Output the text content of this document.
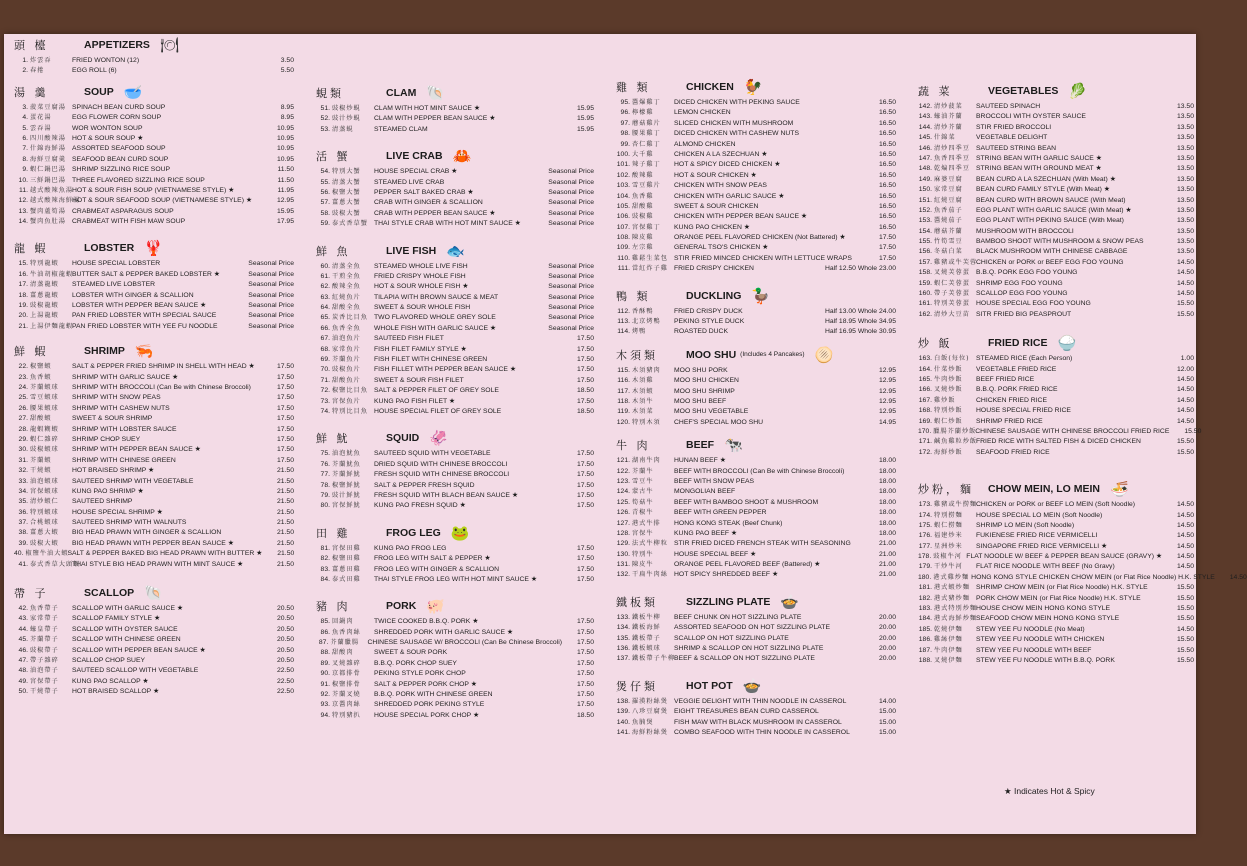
頭 檯	APPETIZERS 🍽
1. 炸雲吞	FRIED WONTON (12)	3.50
2. 春捲	EGG ROLL (6)	5.50
湯 羹	SOUP 🥣
3. 菠菜豆腐湯 SPINACH BEAN CURD SOUP	8.95
4. 蛋花湯	EGG FLOWER CORN SOUP	8.95
5. 雲吞湯	WOR WONTON SOUP	10.95
6. 四川酸辣湯 HOT & SOUR SOUP ★	10.95
7. 什錦海鮮湯 ASSORTED SEAFOOD SOUP	10.95
8. 海鮮豆腐羹 SEAFOOD BEAN CURD SOUP	10.95
9. 蝦仁鍋巴湯 SHRIMP SIZZLING RICE SOUP	11.50
10. 三鮮鍋巴湯 THREE FLAVORED SIZZLING RICE SOUP	11.50
11. 越式酸辣魚湯
HOT & SOUR FISH SOUP (VIETNAMESE STYLE) ★	11.95
12. 越式酸辣海鮮湯
HOT & SOUR SEAFOOD SOUP (VIETNAMESE STYLE) ★	12.95
13. 蟹肉蘆筍湯 CRABMEAT ASPARAGUS SOUP	15.95
14. 蟹肉魚肚湯 CRABMEAT WITH FISH MAW SOUP	17.95
龍 蝦	LOBSTER 🦞
15. 特別龍蝦	HOUSE SPECIAL LOBSTER	Seasonal Price
16. 牛油胡椒龍蝦
BUTTER SALT & PEPPER BAKED LOBSTER ★	Seasonal Price
17. 清蒸龍蝦	STEAMED LIVE LOBSTER	Seasonal Price
18. 薑蔥龍蝦	LOBSTER WITH GINGER & SCALLION	Seasonal Price
19. 豉椒龍蝦	LOBSTER WITH PEPPER BEAN SAUCE ★	Seasonal Price
20. 上湯龍蝦	PAN FRIED LOBSTER WITH SPECIAL SAUCE	Seasonal Price
21. 上湯伊麵龍蝦
PAN FRIED LOBSTER WITH YEE FU NOODLE	Seasonal Price
鮮 蝦	SHRIMP 🦐
22. 椒鹽蝦	SALT & PEPPER FRIED SHRIMP IN SHELL WITH HEAD ★	17.50
23. 魚香蝦	SHRIMP WITH GARLIC SAUCE ★	17.50
24. 芥蘭蝦球	SHRIMP WITH BROCCOLI (Can Be with Chinese Broccoli)	17.50
25. 雪豆蝦球	SHRIMP WITH SNOW PEAS	17.50
26. 腰果蝦球	SHRIMP WITH CASHEW NUTS	17.50
27. 甜酸蝦	SWEET & SOUR SHRIMP	17.50
28. 龍蝦糊蝦	SHRIMP WITH LOBSTER SAUCE	17.50
29. 蝦仁雜碎	SHRIMP CHOP SUEY	17.50
30. 豉椒蝦球	SHRIMP WITH PEPPER BEAN SAUCE ★	17.50
31. 芥蘭蝦	SHRIMP WITH CHINESE GREEN	17.50
32. 干燒蝦	HOT BRAISED SHRIMP ★	21.50
33. 油泡蝦球	SAUTEED SHRIMP WITH VEGETABLE	21.50
34. 宮保蝦球	KUNG PAO SHRIMP ★	21.50
35. 清炒蝦仁	SAUTEED SHRIMP	21.50
36. 特別蝦球	HOUSE SPECIAL SHRIMP ★	21.50
37. 合桃蝦球	SAUTEED SHRIMP WITH WALNUTS	21.50
38. 薑蔥大蝦	BIG HEAD PRAWN WITH GINGER & SCALLION	21.50
39. 豉椒大蝦	BIG HEAD PRAWN WITH PEPPER BEAN SAUCE ★	21.50
40. 椒鹽牛油大蝦
SALT & PEPPER BAKED BIG HEAD PRAWN WITH BUTTER ★	21.50
41. 泰式香草大頭蝦
THAI STYLE BIG HEAD PRAWN WITH MINT SAUCE ★	21.50
帶 子	SCALLOP 🐚
42. 魚香帶子	SCALLOP WITH GARLIC SAUCE ★	20.50
43. 家常帶子	SCALLOP FAMILY STYLE ★	20.50
44. 蠔皇帶子	SCALLOP WITH OYSTER SAUCE	20.50
45. 芥蘭帶子	SCALLOP WITH CHINESE GREEN	20.50
46. 豉椒帶子	SCALLOP WITH PEPPER BEAN SAUCE ★	20.50
47. 帶子雜碎	SCALLOP CHOP SUEY	20.50
48. 油泡帶子	SAUTEED SCALLOP WITH VEGETABLE	22.50
49. 宮保帶子	KUNG PAO SCALLOP ★	22.50
50. 干燒帶子	HOT BRAISED SCALLOP ★	22.50
蜆類	CLAM 🐚
51. 豉椒炒蜆	CLAM WITH HOT MINT SAUCE ★	15.95
52. 豉汁炒蜆	CLAM WITH PEPPER BEAN SAUCE ★	15.95
53. 清蒸蜆	STEAMED CLAM	15.95
活 蟹	LIVE CRAB 🦀
54. 特別大蟹	HOUSE SPECIAL CRAB ★	Seasonal Price
55. 清蒸大蟹	STEAMED LIVE CRAB	Seasonal Price
56. 椒鹽大蟹	PEPPER SALT BAKED CRAB ★	Seasonal Price
57. 薑蔥大蟹	CRAB WITH GINGER & SCALLION	Seasonal Price
58. 豉椒大蟹	CRAB WITH PEPPER BEAN SAUCE ★	Seasonal Price
59. 泰式香草蟹 THAI STYLE CRAB WITH HOT MINT SAUCE ★	Seasonal Price
鮮 魚	LIVE FISH 🐟
60. 清蒸全魚	STEAMED WHOLE LIVE FISH	Seasonal Price
61. 干煎全魚	FRIED CRISPY WHOLE FISH	Seasonal Price
62. 酸辣全魚	HOT & SOUR WHOLE FISH ★	Seasonal Price
63. 紅燒魚片	TILAPIA WITH BROWN SAUCE & MEAT	Seasonal Price
64. 甜酸全魚	SWEET & SOUR WHOLE FISH	Seasonal Price
65. 炭香比目魚 TWO FLAVORED WHOLE GREY SOLE	Seasonal Price
66. 魚香全魚	WHOLE FISH WITH GARLIC SAUCE ★	Seasonal Price
67. 油泡魚片	SAUTEED FISH FILET	17.50
68. 家常魚片	FISH FILET FAMILY STYLE ★	17.50
69. 芥蘭魚片	FISH FILET WITH CHINESE GREEN	17.50
70. 豉椒魚片	FISH FILLET WITH PEPPER BEAN SAUCE ★	17.50
71. 甜酸魚片	SWEET & SOUR FISH FILET	17.50
72. 椒鹽比目魚 SALT & PEPPER FILET OF GREY SOLE	18.50
73. 宮保魚片	KUNG PAO FISH FILET ★	17.50
74. 特別比目魚 HOUSE SPECIAL FILET OF GREY SOLE	18.50
鮮 魷	SQUID 🦑
75. 油泡魷魚	SAUTEED SQUID WITH VEGETABLE	17.50
76. 芥蘭魷魚	DRIED SQUID WITH CHINESE BROCCOLI	17.50
77. 芥蘭鮮魷	FRESH SQUID WITH CHINESE BROCCOLI	17.50
78. 椒鹽鮮魷	SALT & PEPPER FRESH SQUID	17.50
79. 豉汁鮮魷	FRESH SQUID WITH BLACH BEAN SAUCE ★	17.50
80. 宮保鮮魷	KUNG PAO FRESH SQUID ★	17.50
田 雞	FROG LEG 🐸
81. 宮保田雞	KUNG PAO FROG LEG	17.50
82. 椒鹽田雞	FROG LEG WITH SALT & PEPPER ★	17.50
83. 薑蔥田雞	FROG LEG WITH GINGER & SCALLION	17.50
84. 泰式田雞	THAI STYLE FROG LEG WITH HOT MINT SAUCE ★	17.50
豬 肉	PORK 🐖
85. 回鍋肉	TWICE COOKED B.B.Q. PORK ★	17.50
86. 魚香肉絲	SHREDDED PORK WITH GARLIC SAUCE ★	17.50
87. 芥蘭臘腸	CHINESE SAUSAGE W/ BROCCOLI (Can Be Chinese Broccoli)	17.50
88. 甜酸肉	SWEET & SOUR PORK	17.50
89. 叉燒雜碎	B.B.Q. PORK CHOP SUEY	17.50
90. 京都排骨	PEKING STYLE PORK CHOP	17.50
91. 椒鹽排骨	SALT & PEPPER PORK CHOP ★	17.50
92. 芥蘭叉燒	B.B.Q. PORK WITH CHINESE GREEN	17.50
93. 京醬肉絲	SHREDDED PORK PEKING STYLE	17.50
94. 特別豬扒	HOUSE SPECIAL PORK CHOP ★	18.50
雞 類	CHICKEN 🐓
95. 醬爆雞丁	DICED CHICKEN WITH PEKING SAUCE	16.50
96. 檸檬雞	LEMON CHICKEN	16.50
97. 蘑菇雞片	SLICED CHICKEN WITH MUSHROOM	16.50
98. 腰果雞丁	DICED CHICKEN WITH CASHEW NUTS	16.50
99. 杏仁雞丁	ALMOND CHICKEN	16.50
100. 大千雞	CHICKEN A LA SZECHUAN ★	16.50
101. 辣子雞丁	HOT & SPICY DICED CHICKEN ★	16.50
102. 酸辣雞	HOT & SOUR CHICKEN ★	16.50
103. 雪豆雞片	CHICKEN WITH SNOW PEAS	16.50
104. 魚香雞	CHICKEN WITH GARLIC SAUCE ★	16.50
105. 甜酸雞	SWEET & SOUR CHICKEN	16.50
106. 豉椒雞	CHICKEN WITH PEPPER BEAN SAUCE ★	16.50
107. 宮保雞丁	KUNG PAO CHICKEN ★	16.50
108. 陳皮雞	ORANGE PEEL FLAVORED CHICKEN (Not Battered) ★	17.50
109. 左宗雞	GENERAL TSO'S CHICKEN ★	17.50
110. 雞鬆生菜包 STIR FRIED MINCED CHICKEN WITH LETTUCE WRAPS	17.50
111. 當紅炸子雞 FRIED CRISPY CHICKEN	Half 12.50 Whole 23.00
鴨 類	DUCKLING 🦆
112. 香酥鴨	FRIED CRISPY DUCK	Half 13.00 Whole 24.00
113. 北京烤鴨	PEKING STYLE DUCK	Half 18.95 Whole 34.95
114. 烤鴨	ROASTED DUCK	Half 16.95 Whole 30.95
木須類	MOO SHU (Includes 4 Pancakes) 🫓
115. 木須豬肉	MOO SHU PORK	12.95
116. 木須雞	MOO SHU CHICKEN	12.95
117. 木須蝦	MOO SHU SHRIMP	12.95
118. 木須牛	MOO SHU BEEF	12.95
119. 木須菜	MOO SHU VEGETABLE	12.95
120. 特別木須	CHEF'S SPECIAL MOO SHU	14.95
牛 肉	BEEF 🐄
121. 湖南牛肉	HUNAN BEEF ★	18.00
122. 芥蘭牛	BEEF WITH BROCCOLI (Can Be with Chinese Broccoli)	18.00
123. 雪豆牛	BEEF WITH SNOW PEAS	18.00
124. 蒙古牛	MONGOLIAN BEEF	18.00
125. 筍菇牛	BEEF WITH BAMBOO SHOOT & MUSHROOM	18.00
126. 青椒牛	BEEF WITH GREEN PEPPER	18.00
127. 港式牛排	HONG KONG STEAK (Beef Chunk)	18.00
128. 宮保牛	KUNG PAO BEEF ★	18.00
129. 法式牛柳粒 STIR FRIED DICED FRENCH STEAK WITH SEASONING	21.00
130. 特別牛	HOUSE SPECIAL BEEF ★	21.00
131. 陳皮牛	ORANGE PEEL FLAVORED BEEF (Battered) ★	21.00
132. 干扁牛肉絲 HOT SPICY SHREDDED BEEF ★	21.00
鐵板類	SIZZLING PLATE 🍲
133. 鐵板牛柳	BEEF CHUNK ON HOT SIZZLING PLATE	20.00
134. 鐵板海鮮	ASSORTED SEAFOOD ON HOT SIZZLING PLATE	20.00
135. 鐵板帶子	SCALLOP ON HOT SIZZLING PLATE	20.00
136. 鐵板蝦球	SHRIMP & SCALLOP ON HOT SIZZLING PLATE	20.00
137. 鐵板帶子牛柳
BEEF & SCALLOP ON HOT SIZZLING PLATE	20.00
煲仔類	HOT POT 🍲
138. 羅漢粉絲煲 VEGGIE DELIGHT WITH THIN NOODLE IN CASSEROL	14.00
139. 八珍豆腐煲 EIGHT TREASURES BEAN CURD CASSEROL	15.00
140. 魚腩煲	FISH MAW WITH BLACK MUSHROOM IN CASSEROL	15.00
141. 海鮮粉絲煲 COMBO SEAFOOD WITH THIN NOODLE IN CASSEROL	15.00
蔬 菜	VEGETABLES 🥬
142. 清炒菠菜	SAUTEED SPINACH	13.50
143. 蠔油芥蘭	BROCCOLI WITH OYSTER SAUCE	13.50
144. 清炒芥蘭	STIR FRIED BROCCOLI	13.50
145. 什錦菜	VEGETABLE DELIGHT	13.50
146. 清炒四季豆 SAUTEED STRING BEAN	13.50
147. 魚香四季豆 STRING BEAN WITH GARLIC SAUCE ★	13.50
148. 乾煸四季豆 STRING BEAN WITH GROUND MEAT ★	13.50
149. 麻婆豆腐	BEAN CURD A LA SZECHUAN (With Meat) ★	13.50
150. 家常豆腐	BEAN CURD FAMILY STYLE (With Meat) ★	13.50
151. 紅燒豆腐	BEAN CURD WITH BROWN SAUCE (With Meat)	13.50
152. 魚香茄子	EGG PLANT WITH GARLIC SAUCE (With Meat) ★	13.50
153. 醬燒茄子	EGG PLANT WITH PEKING SAUCE (With Meat)	13.50
154. 蘑菇芥蘭	MUSHROOM WITH BROCCOLI	13.50
155. 竹筍雪豆	BAMBOO SHOOT WITH MUSHROOM & SNOW PEAS	13.50
156. 冬菇白菜	BLACK MUSHROOM WITH CHINESE CABBAGE	13.50
157. 雞豬或牛芙蓉
CHICKEN or PORK or BEEF EGG FOO YOUNG	14.50
158. 叉燒芙蓉蛋 B.B.Q. PORK EGG FOO YOUNG	14.50
159. 蝦仁芙蓉蛋 SHRIMP EGG FOO YOUNG	14.50
160. 帶子芙蓉蛋 SCALLOP EGG FOO YOUNG	14.50
161. 特別芙蓉蛋 HOUSE SPECIAL EGG FOO YOUNG	15.50
162. 清炒大豆苗 SITR FRIED BIG PEASPROUT	15.50
炒 飯	FRIED RICE 🍚
163. 白飯(每位) STEAMED RICE (Each Person)	1.00
164. 什菜炒飯	VEGETABLE FRIED RICE	12.00
165. 牛肉炒飯	BEEF FRIED RICE	14.50
166. 叉燒炒飯	B.B.Q. PORK FRIED RICE	14.50
167. 雞炒飯	CHICKEN FRIED RICE	14.50
168. 特別炒飯	HOUSE SPECIAL FRIED RICE	14.50
169. 蝦仁炒飯	SHRIMP FRIED RICE	14.50
170. 臘腸芥蘭炒飯
CHINESE SAUSAGE WITH CHINESE BROCCOLI FRIED RICE	15.50
171. 鹹魚雞粒炒飯
FRIED RICE WITH SALTED FISH & DICED CHICKEN	15.50
172. 海鮮炒飯	SEAFOOD FRIED RICE	15.50
炒粉，麵	CHOW MEIN, LO MEIN 🍜
173. 雞豬或牛撈麵
CHICKEN or PORK or BEEF LO MEIN (Soft Noodle)	14.50
174. 特別撈麵	HOUSE SPECIAL LO MEIN (Soft Noodle)	14.50
175. 蝦仁撈麵	SHRIMP LO MEIN (Soft Noodle)	14.50
176. 福建炒米	FUKIENESE FRIED RICE VERMICELLI	14.50
177. 星洲炒米	SINGAPORE FRIED RICE VERMICELLI ★	14.50
178. 豉椒牛河 FLAT NOODLE W/ BEEF & PEPPER BEAN SAUCE (GRAVY) ★	14.50
179. 干炒牛河	FLAT RICE NOODLE WITH BEEF (No Gravy)	14.50
180. 港式雞炒麵 HONG KONG STYLE CHICKEN CHOW MEIN (or Flat Rice Noodle) H.K. STYLE	14.50
181. 港式蝦炒麵 SHRIMP CHOW MEIN (or Flat Rice Noodle) H.K. STYLE	15.50
182. 港式豬炒麵 PORK CHOW MEIN (or Flat Rice Noodle) H.K. STYLE	15.50
183. 港式特別炒麵
HOUSE CHOW MEIN HONG KONG STYLE	15.50
184. 港式海鮮炒麵
SEAFOOD CHOW MEIN HONG KONG STYLE	15.50
185. 乾燒伊麵	STEW YEE FU NOODLE (No Meat)	14.50
186. 雞絲伊麵	STEW YEE FU NOODLE WITH CHICKEN	15.50
187. 牛肉伊麵	STEW YEE FU NOODLE WITH BEEF	15.50
188. 叉燒伊麵	STEW YEE FU NOODLE WITH B.B.Q. PORK	15.50
★ Indicates Hot & Spicy
